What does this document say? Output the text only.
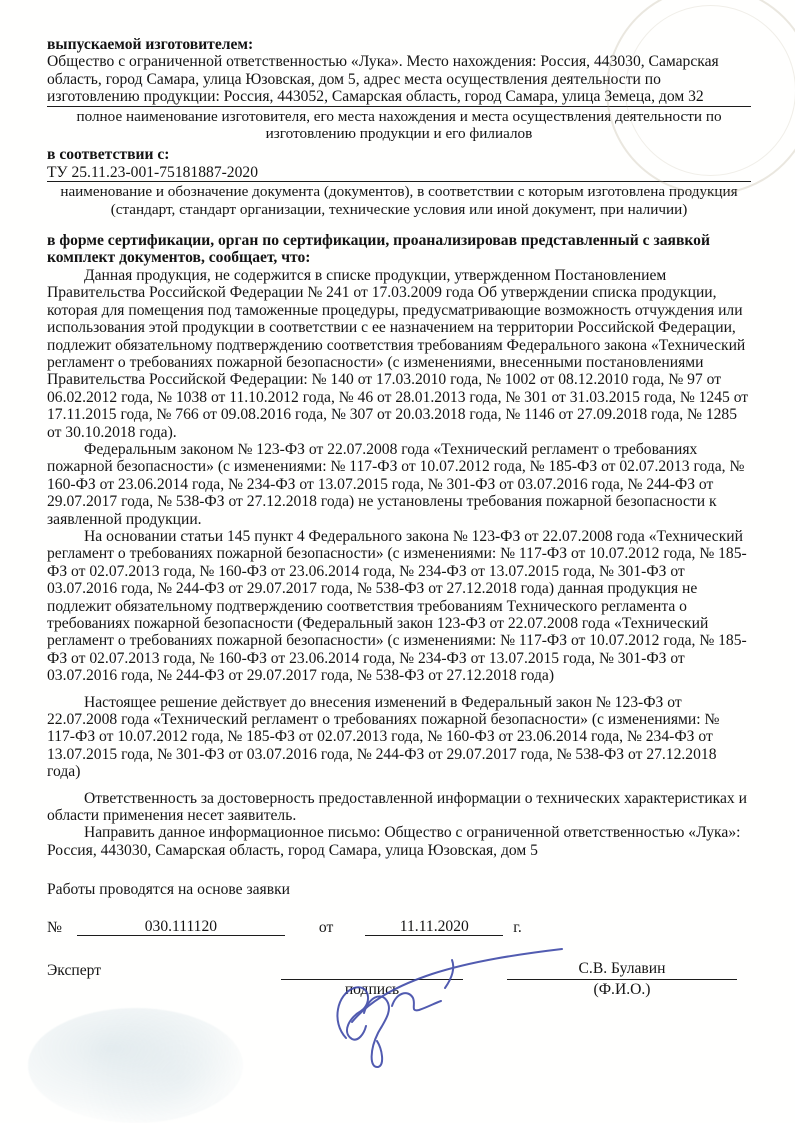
выпускаемой изготовителем:

Общество с ограниченной ответственностью «Лука». Место нахождения: Россия, 443030, Самарская область, город Самара, улица Юзовская, дом 5, адрес места осуществления деятельности по изготовлению продукции: Россия, 443052, Самарская область, город Самара, улица Земеца, дом 32

полное наименование изготовителя, его места нахождения и места осуществления деятельности по изготовлению продукции и его филиалов

в соответствии с:

ТУ 25.11.23-001-75181887-2020

наименование и обозначение документа (документов), в соответствии с которым изготовлена продукция (стандарт, стандарт организации, технические условия или иной документ, при наличии)

в форме сертификации, орган по сертификации, проанализировав представленный с заявкой комплект документов, сообщает, что:

Данная продукция, не содержится в списке продукции, утвержденном Постановлением Правительства Российской Федерации № 241 от 17.03.2009 года Об утверждении списка продукции, которая для помещения под таможенные процедуры, предусматривающие возможность отчуждения или использования этой продукции в соответствии с ее назначением на территории Российской Федерации, подлежит обязательному подтверждению соответствия требованиям Федерального закона «Технический регламент о требованиях пожарной безопасности» (с изменениями, внесенными постановлениями Правительства Российской Федерации: № 140 от 17.03.2010 года, № 1002 от 08.12.2010 года, № 97 от 06.02.2012 года, № 1038 от 11.10.2012 года, № 46 от 28.01.2013 года, № 301 от 31.03.2015 года, № 1245 от 17.11.2015 года, № 766 от 09.08.2016 года, № 307 от 20.03.2018 года, № 1146 от 27.09.2018 года, № 1285 от 30.10.2018 года).

Федеральным законом № 123-ФЗ от 22.07.2008 года «Технический регламент о требованиях пожарной безопасности» (с изменениями: № 117-ФЗ от 10.07.2012 года, № 185-ФЗ от 02.07.2013 года, № 160-ФЗ от 23.06.2014 года, № 234-ФЗ от 13.07.2015 года, № 301-ФЗ от 03.07.2016 года, № 244-ФЗ от 29.07.2017 года, № 538-ФЗ от 27.12.2018 года) не установлены требования пожарной безопасности к заявленной продукции.

На основании статьи 145 пункт 4 Федерального закона № 123-ФЗ от 22.07.2008 года «Технический регламент о требованиях пожарной безопасности» (с изменениями: № 117-ФЗ от 10.07.2012 года, № 185-ФЗ от 02.07.2013 года, № 160-ФЗ от 23.06.2014 года, № 234-ФЗ от 13.07.2015 года, № 301-ФЗ от 03.07.2016 года, № 244-ФЗ от 29.07.2017 года, № 538-ФЗ от 27.12.2018 года) данная продукция не подлежит обязательному подтверждению соответствия требованиям Технического регламента о требованиях пожарной безопасности (Федеральный закон 123-ФЗ от 22.07.2008 года «Технический регламент о требованиях пожарной безопасности» (с изменениями: № 117-ФЗ от 10.07.2012 года, № 185-ФЗ от 02.07.2013 года, № 160-ФЗ от 23.06.2014 года, № 234-ФЗ от 13.07.2015 года, № 301-ФЗ от 03.07.2016 года, № 244-ФЗ от 29.07.2017 года, № 538-ФЗ от 27.12.2018 года)

Настоящее решение действует до внесения изменений в Федеральный закон № 123-ФЗ от 22.07.2008 года «Технический регламент о требованиях пожарной безопасности» (с изменениями: № 117-ФЗ от 10.07.2012 года, № 185-ФЗ от 02.07.2013 года, № 160-ФЗ от 23.06.2014 года, № 234-ФЗ от 13.07.2015 года, № 301-ФЗ от 03.07.2016 года, № 244-ФЗ от 29.07.2017 года, № 538-ФЗ от 27.12.2018 года)

Ответственность за достоверность предоставленной информации о технических характеристиках и области применения несет заявитель.

Направить данное информационное письмо: Общество с ограниченной ответственностью «Лука»: Россия, 443030, Самарская область, город Самара, улица Юзовская, дом 5

Работы проводятся на основе заявки

№	030.111120	от	11.11.2020	г.
Эксперт
подпись
С.В. Булавин
(Ф.И.О.)
